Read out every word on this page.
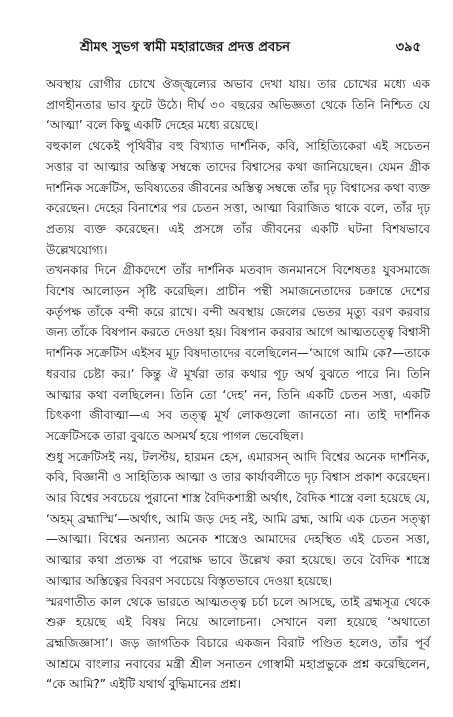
শ্রীমৎ সুভগ স্বামী মহারাজের প্রদত্ত প্রবচন	৩৯৫

অবস্থায় রোগীর চোখে ঔজ্জ্বল্যের অভাব দেখা যায়। তার চোখের মধ্যে এক প্রাণহীনতার ভাব ফুটে উঠে। দীর্ঘ ৩০ বছরের অভিজ্ঞতা থেকে তিনি নিশ্চিত যে ‘আত্মা’ বলে কিছু একটি দেহের মধ্যে রয়েছে।

বহুকাল থেকেই পৃথিবীর বহু বিখ্যাত দার্শনিক, কবি, সাহিত্যিকেরা এই সচেতন সত্তার বা আত্মার অস্তিত্ব সম্বন্ধে তাদের বিশ্বাসের কথা জানিয়েছেন। যেমন গ্রীক দার্শনিক সক্রেটিস, ভবিষ্যতের জীবনের অস্তিত্ব সম্বন্ধে তাঁর দৃঢ় বিশ্বাসের কথা ব্যক্ত করেছেন। দেহের বিনাশের পর চেতন সত্তা, আত্মা বিরাজিত থাকে বলে, তাঁর দৃঢ় প্রত্যয় ব্যক্ত করেছেন। এই প্রসঙ্গে তাঁর জীবনের একটি ঘটনা বিশষভাবে উল্লেখযোগ্য।

তখনকার দিনে গ্রীকদেশে তাঁর দার্শনিক মতবাদ জনমানসে বিশেষতঃ যুবসমাজে বিশেষ আলোড়ন সৃষ্টি করেছিল। প্রাচীন পন্থী সমাজনেতাদের চক্রান্তে দেশের কর্তৃপক্ষ তাঁকে বন্দী করে রাখে। বন্দী অবস্থায় জেলের ভেতর মৃত্যু বরণ করবার জন্য তাঁকে বিষপান করতে দেওয়া হয়। বিষপান করবার আগে আত্মতত্ত্বে বিশ্বাসী দার্শনিক সক্রেটিস এইসব মূঢ় বিষদাতাদের বলেছিলেন—‘আগে আমি কে?—তাকে ধরবার চেষ্টা কর।’ কিন্তু ঐ মূর্খরা তার কথার গূঢ় অর্থ বুঝতে পারে নি। তিনি আত্মার কথা বলছিলেন। তিনি তো ‘দেহ’ নন, তিনি একটি চেতন সত্তা, একটি চিৎকণা জীবাত্মা—এ সব তত্ত্ব মূর্খ লোকগুলো জানতো না। তাই দার্শনিক সক্রেটিসকে তারা বুঝতে অসমর্থ হয়ে পাগল ভেবেছিল।

শুধু সক্রেটিসই নয়, টলস্টয়, হারমন হেস, এমারসন্ আদি বিশ্বের অনেক দার্শনিক, কবি, বিজ্ঞানী ও সাহিত্যিক আত্মা ও তার কার্যাবলীতে দৃঢ় বিশ্বাস প্রকাশ করেছেন। আর বিশ্বের সবচেয়ে পুরানো শাস্ত্র বৈদিকশাস্ত্রী অর্থাৎ, বৈদিক শাস্ত্রে বলা হয়েছে যে, ‘অহম্ ব্রহ্মাস্মি’—অর্থাৎ, আমি জড় দেহ নই, আমি ব্রহ্ম, আমি এক চেতন সত্ত্বা—আত্মা। বিশ্বের অন্যান্য অনেক শাস্ত্রেও আমাদের দেহস্থিত এই চেতন সত্তা, আত্মার কথা প্রত্যক্ষ বা পরোক্ষ ভাবে উল্লেখ করা হয়েছে। তবে বৈদিক শাস্ত্রে আত্মার অস্তিত্বের বিবরণ সবচেয়ে বিস্তৃতভাবে দেওয়া হয়েছে।

স্মরণাতীত কাল থেকে ভারতে আত্মতত্ত্ব চর্চা চলে আসছে, তাই ব্রহ্মসূত্র থেকে শুরু হয়েছে এই বিষয় নিয়ে আলোচনা। সেখানে বলা হয়েছে ‘অথাতো ব্রহ্মজিজ্ঞাসা’। জড় জাগতিক বিচারে একজন বিরাট পণ্ডিত হলেও, তাঁর পূর্ব আশ্রমে বাংলার নবাবের মন্ত্রী শ্রীল সনাতন গোস্বামী মহাপ্রভুকে প্রশ্ন করেছিলেন, “কে আমি?” এইটি যথার্থ বুদ্ধিমানের প্রশ্ন।
